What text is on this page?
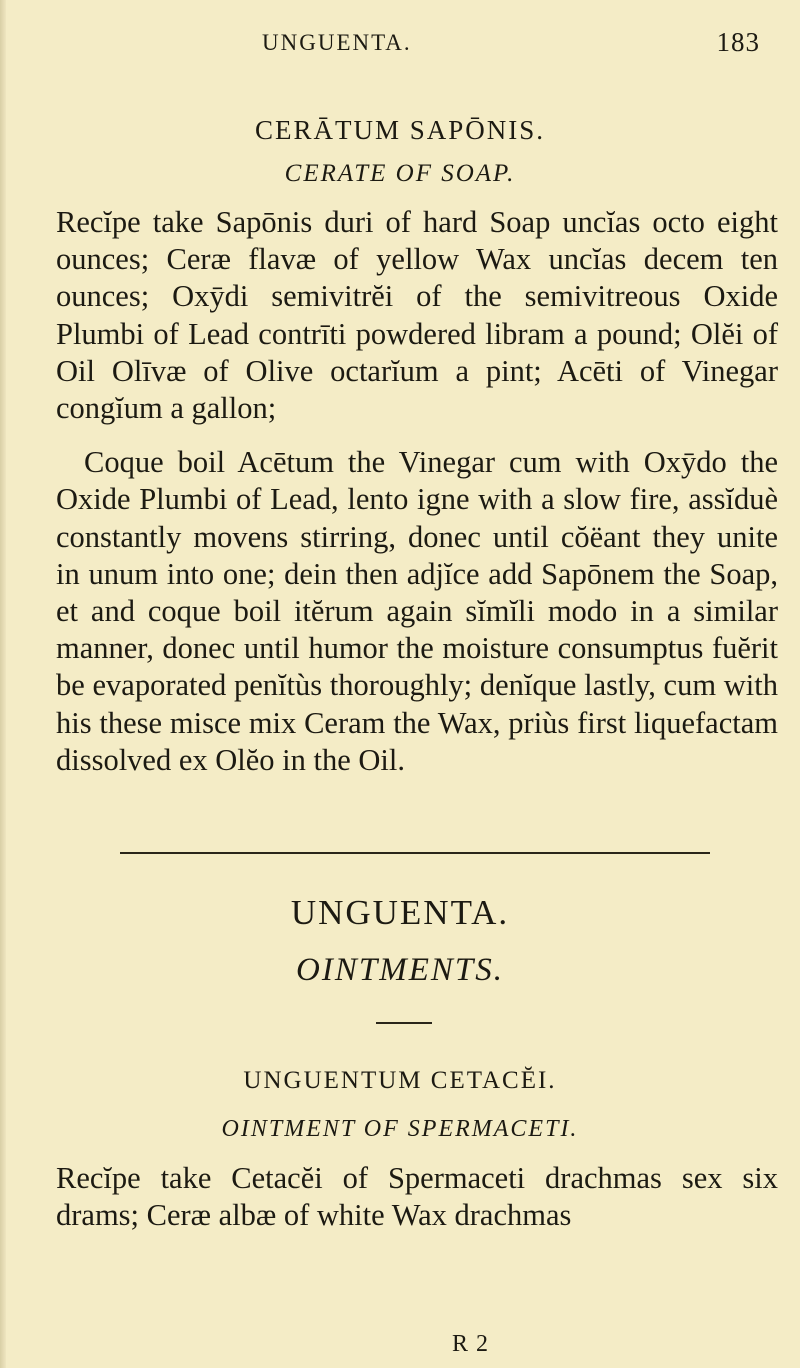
UNGUENTA.	183
CERĀTUM SAPŌNIS.
CERATE OF SOAP.

Recĭpe take Sapōnis duri of hard Soap uncĭas octo eight ounces; Ceræ flavæ of yellow Wax uncĭas decem ten ounces; Oxȳdi semivitrĕi of the semivitreous Oxide Plumbi of Lead contrīti powdered libram a pound; Olĕi of Oil Olīvæ of Olive octarĭum a pint; Acēti of Vinegar congĭum a gallon;

Coque boil Acētum the Vinegar cum with Oxȳdo the Oxide Plumbi of Lead, lento igne with a slow fire, assĭduè constantly movens stirring, donec until cŏëant they unite in unum into one; dein then adjĭce add Sapōnem the Soap, et and coque boil itĕrum again sĭmĭli modo in a similar manner, donec until humor the moisture consumptus fuĕrit be evaporated penĭtùs thoroughly; denĭque lastly, cum with his these misce mix Ceram the Wax, priùs first liquefactam dissolved ex Olĕo in the Oil.

UNGUENTA.
OINTMENTS.
UNGUENTUM CETACĔI.
OINTMENT OF SPERMACETI.

Recĭpe take Cetacĕi of Spermaceti drachmas sex six drams; Ceræ albæ of white Wax drachmas

R 2
